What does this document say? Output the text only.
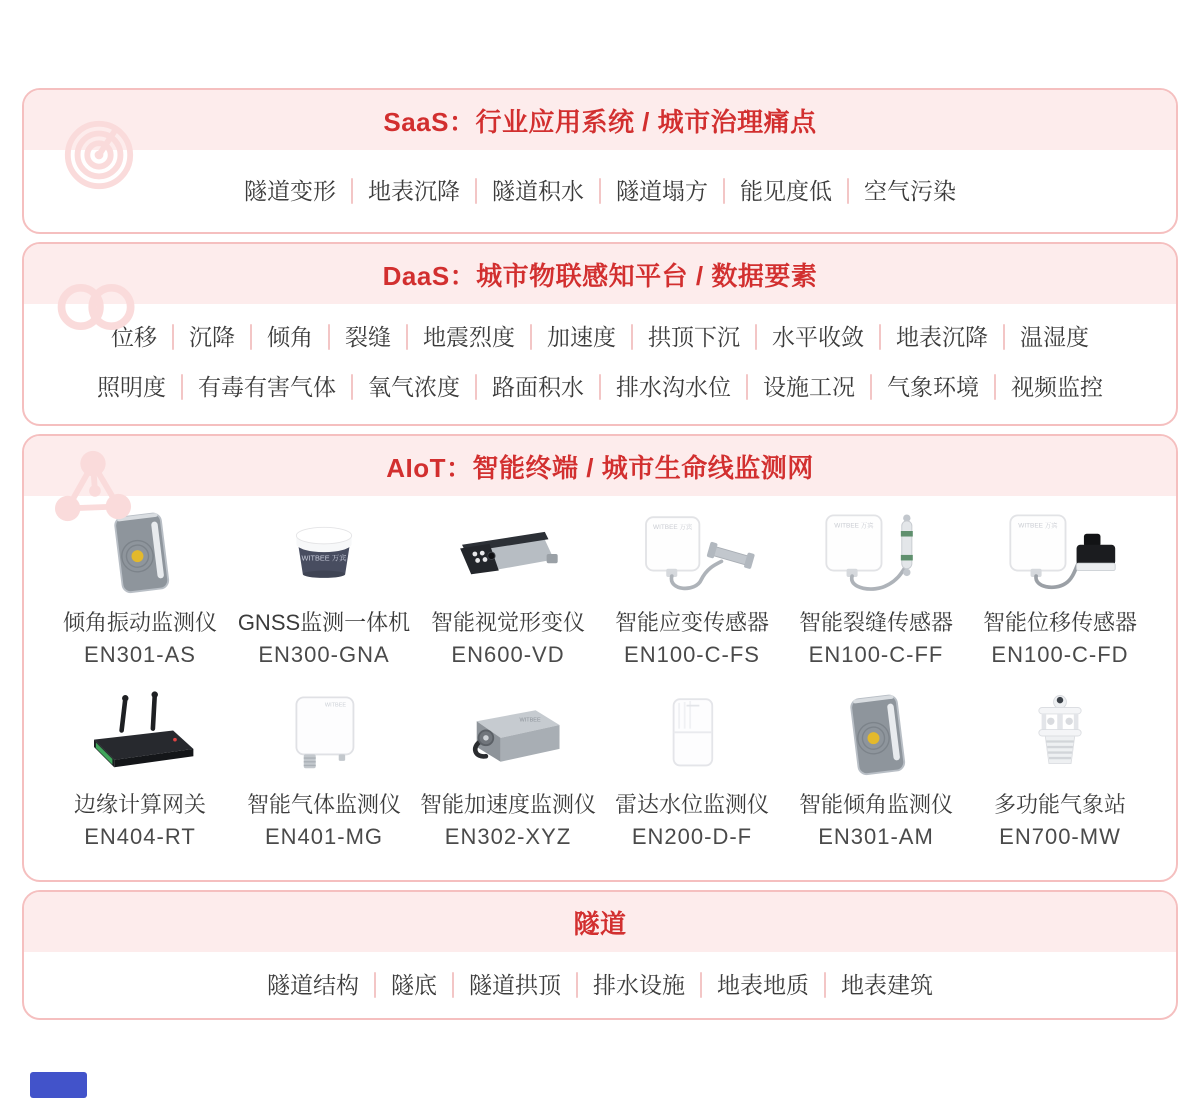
SaaS：行业应用系统 / 城市治理痛点
隧道变形	地表沉降	隧道积水	隧道塌方	能见度低	空气污染
DaaS：城市物联感知平台 / 数据要素
位移	沉降	倾角	裂缝	地震烈度	加速度	拱顶下沉	水平收敛	地表沉降	温湿度
照明度	有毒有害气体	氧气浓度	路面积水	排水沟水位	设施工况	气象环境	视频监控
AIoT：智能终端 / 城市生命线监测网
倾角振动监测仪
EN301-AS
GNSS监测一体机
EN300-GNA
智能视觉形变仪
EN600-VD
智能应变传感器
EN100-C-FS
智能裂缝传感器
EN100-C-FF
智能位移传感器
EN100-C-FD
边缘计算网关
EN404-RT
智能气体监测仪
EN401-MG
智能加速度监测仪
EN302-XYZ
雷达水位监测仪
EN200-D-F
智能倾角监测仪
EN301-AM
多功能气象站
EN700-MW
隧道
隧道结构	隧底	隧道拱顶	排水设施	地表地质	地表建筑
